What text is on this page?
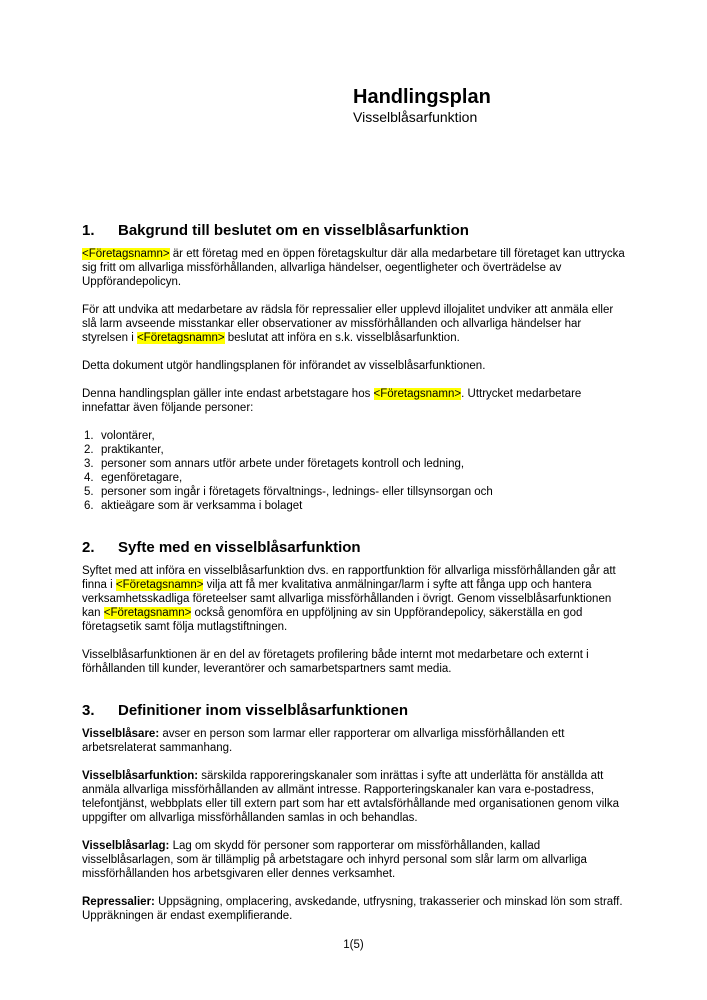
Handlingsplan
Visselblåsarfunktion
1.	Bakgrund till beslutet om en visselblåsarfunktion

<Företagsnamn> är ett företag med en öppen företagskultur där alla medarbetare till företaget kan uttrycka sig fritt om allvarliga missförhållanden, allvarliga händelser, oegentligheter och överträdelse av Uppförandepolicyn.

För att undvika att medarbetare av rädsla för repressalier eller upplevd illojalitet undviker att anmäla eller slå larm avseende misstankar eller observationer av missförhållanden och allvarliga händelser har styrelsen i <Företagsnamn> beslutat att införa en s.k. visselblåsarfunktion.

Detta dokument utgör handlingsplanen för införandet av visselblåsarfunktionen.

Denna handlingsplan gäller inte endast arbetstagare hos <Företagsnamn>. Uttrycket medarbetare innefattar även följande personer:

1. volontärer,
2. praktikanter,
3. personer som annars utför arbete under företagets kontroll och ledning,
4. egenföretagare,
5. personer som ingår i företagets förvaltnings-, lednings- eller tillsynsorgan och
6. aktieägare som är verksamma i bolaget
2.	Syfte med en visselblåsarfunktion

Syftet med att införa en visselblåsarfunktion dvs. en rapportfunktion för allvarliga missförhållanden går att finna i <Företagsnamn> vilja att få mer kvalitativa anmälningar/larm i syfte att fånga upp och hantera verksamhetsskadliga företeelser samt allvarliga missförhållanden i övrigt. Genom visselblåsarfunktionen kan <Företagsnamn> också genomföra en uppföljning av sin Uppförandepolicy, säkerställa en god företagsetik samt följa mutlagstiftningen.

Visselblåsarfunktionen är en del av företagets profilering både internt mot medarbetare och externt i förhållanden till kunder, leverantörer och samarbetspartners samt media.

3.	Definitioner inom visselblåsarfunktionen

Visselblåsare: avser en person som larmar eller rapporterar om allvarliga missförhållanden ett arbetsrelaterat sammanhang.

Visselblåsarfunktion: särskilda rapporeringskanaler som inrättas i syfte att underlätta för anställda att anmäla allvarliga missförhållanden av allmänt intresse. Rapporteringskanaler kan vara e-postadress, telefontjänst, webbplats eller till extern part som har ett avtalsförhållande med organisationen genom vilka uppgifter om allvarliga missförhållanden samlas in och behandlas.

Visselblåsarlag: Lag om skydd för personer som rapporterar om missförhållanden, kallad visselblåsarlagen, som är tillämplig på arbetstagare och inhyrd personal som slår larm om allvarliga missförhållanden hos arbetsgivaren eller dennes verksamhet.

Repressalier: Uppsägning, omplacering, avskedande, utfrysning, trakasserier och minskad lön som straff. Uppräkningen är endast exemplifierande.

1(5)
